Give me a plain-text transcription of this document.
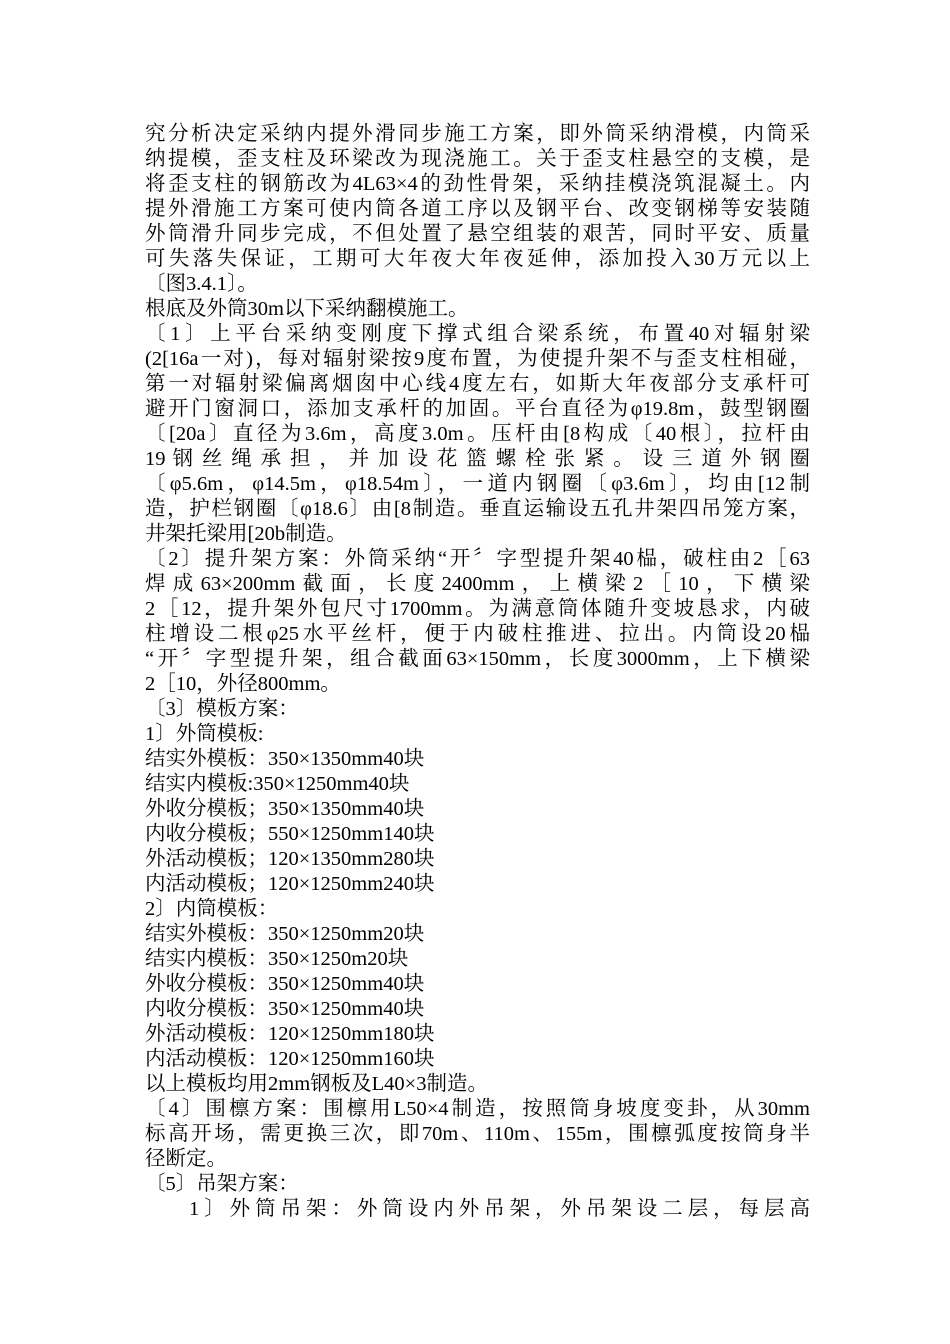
究分析决定采纳内提外滑同步施工方案，即外筒采纳滑模，内筒采
纳提模，歪支柱及环梁改为现浇施工。关于歪支柱悬空的支模，是
将歪支柱的钢筋改为4L63×4的劲性骨架，采纳挂模浇筑混凝土。内
提外滑施工方案可使内筒各道工序以及钢平台、改变钢梯等安装随
外筒滑升同步完成，不但处置了悬空组装的艰苦，同时平安、质量
可失落失保证，工期可大年夜大年夜延伸，添加投入30万元以上
〔图3.4.1〕。
根底及外筒30m以下采纳翻模施工。
〔1〕上平台采纳变刚度下撑式组合梁系统，布置40对辐射梁
(2[16a一对)，每对辐射梁按9度布置，为使提升架不与歪支柱相碰，
第一对辐射梁偏离烟囱中心线4度左右，如斯大年夜部分支承杆可
避开门窗洞口，添加支承杆的加固。平台直径为φ19.8m，鼓型钢圈
〔[20a〕直径为3.6m，高度3.0m。压杆由[8构成〔40根〕，拉杆由
19 钢 丝 绳 承 担 ， 并 加 设 花 篮 螺 栓 张 紧 。 设 三 道 外 钢 圈
〔φ5.6m，φ14.5m，φ18.54m〕，一道内钢圈〔φ3.6m〕，均由[12制
造，护栏钢圈〔φ18.6〕由[8制造。垂直运输设五孔井架四吊笼方案，
井架托梁用[20b制造。
〔2〕提升架方案：外筒采纳“开〞字型提升架40榀，破柱由2［63
焊成63×200mm截面，长度2400mm，上横梁2［10，下横梁
2［12，提升架外包尺寸1700mm。为满意筒体随升变坡恳求，内破
柱增设二根φ25水平丝杆，便于内破柱推进、拉出。内筒设20榀
“开〞字型提升架，组合截面63×150mm，长度3000mm，上下横梁
2［10，外径800mm。
〔3〕模板方案：
1〕外筒模板:
结实外模板：350×1350mm40块
结实内模板:350×1250mm40块
外收分模板；350×1350mm40块
内收分模板；550×1250mm140块
外活动模板；120×1350mm280块
内活动模板；120×1250mm240块
2〕内筒模板：
结实外模板：350×1250mm20块
结实内模板：350×1250m20块
外收分模板：350×1250mm40块
内收分模板：350×1250mm40块
外活动模板：120×1250mm180块
内活动模板：120×1250mm160块
以上模板均用2mm钢板及L40×3制造。
〔4〕围檩方案：围檩用L50×4制造，按照筒身坡度变卦，从30mm
标高开场，需更换三次，即70m、110m、155m，围檩弧度按筒身半
径断定。
〔5〕吊架方案：
1〕外筒吊架：外筒设内外吊架，外吊架设二层，每层高
